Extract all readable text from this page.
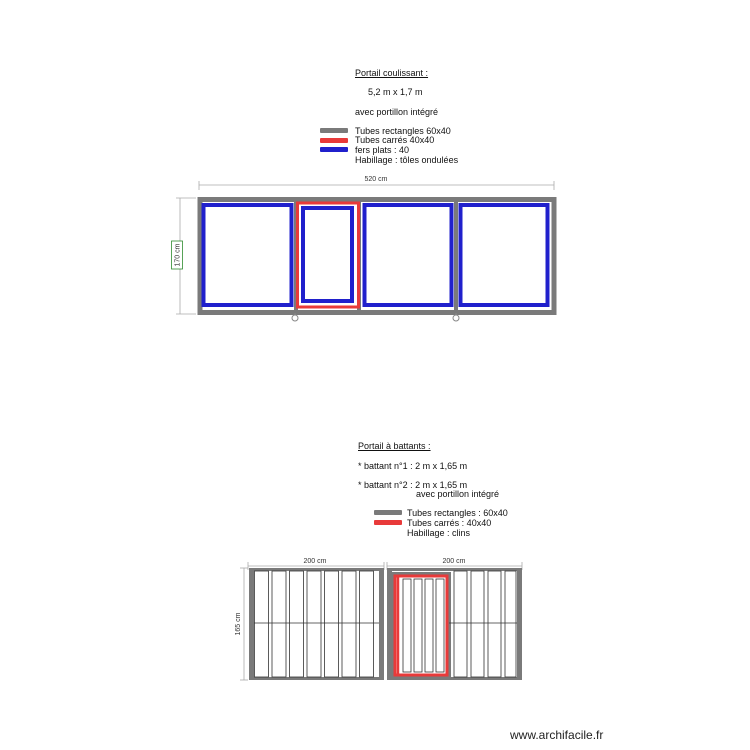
Portail coulissant :
5,2 m x 1,7 m
avec portillon intégré
Tubes rectangles 60x40
Tubes carrés 40x40
fers plats : 40
Habillage : tôles ondulées
Portail à battants :
* battant n°1 : 2 m x 1,65 m
* battant n°2 : 2 m x 1,65 m
avec portillon intégré
Tubes rectangles : 60x40
Tubes carrés : 40x40
Habillage : clins
520 cm
170 cm
200 cm	200 cm
165 cm
www.archifacile.fr
